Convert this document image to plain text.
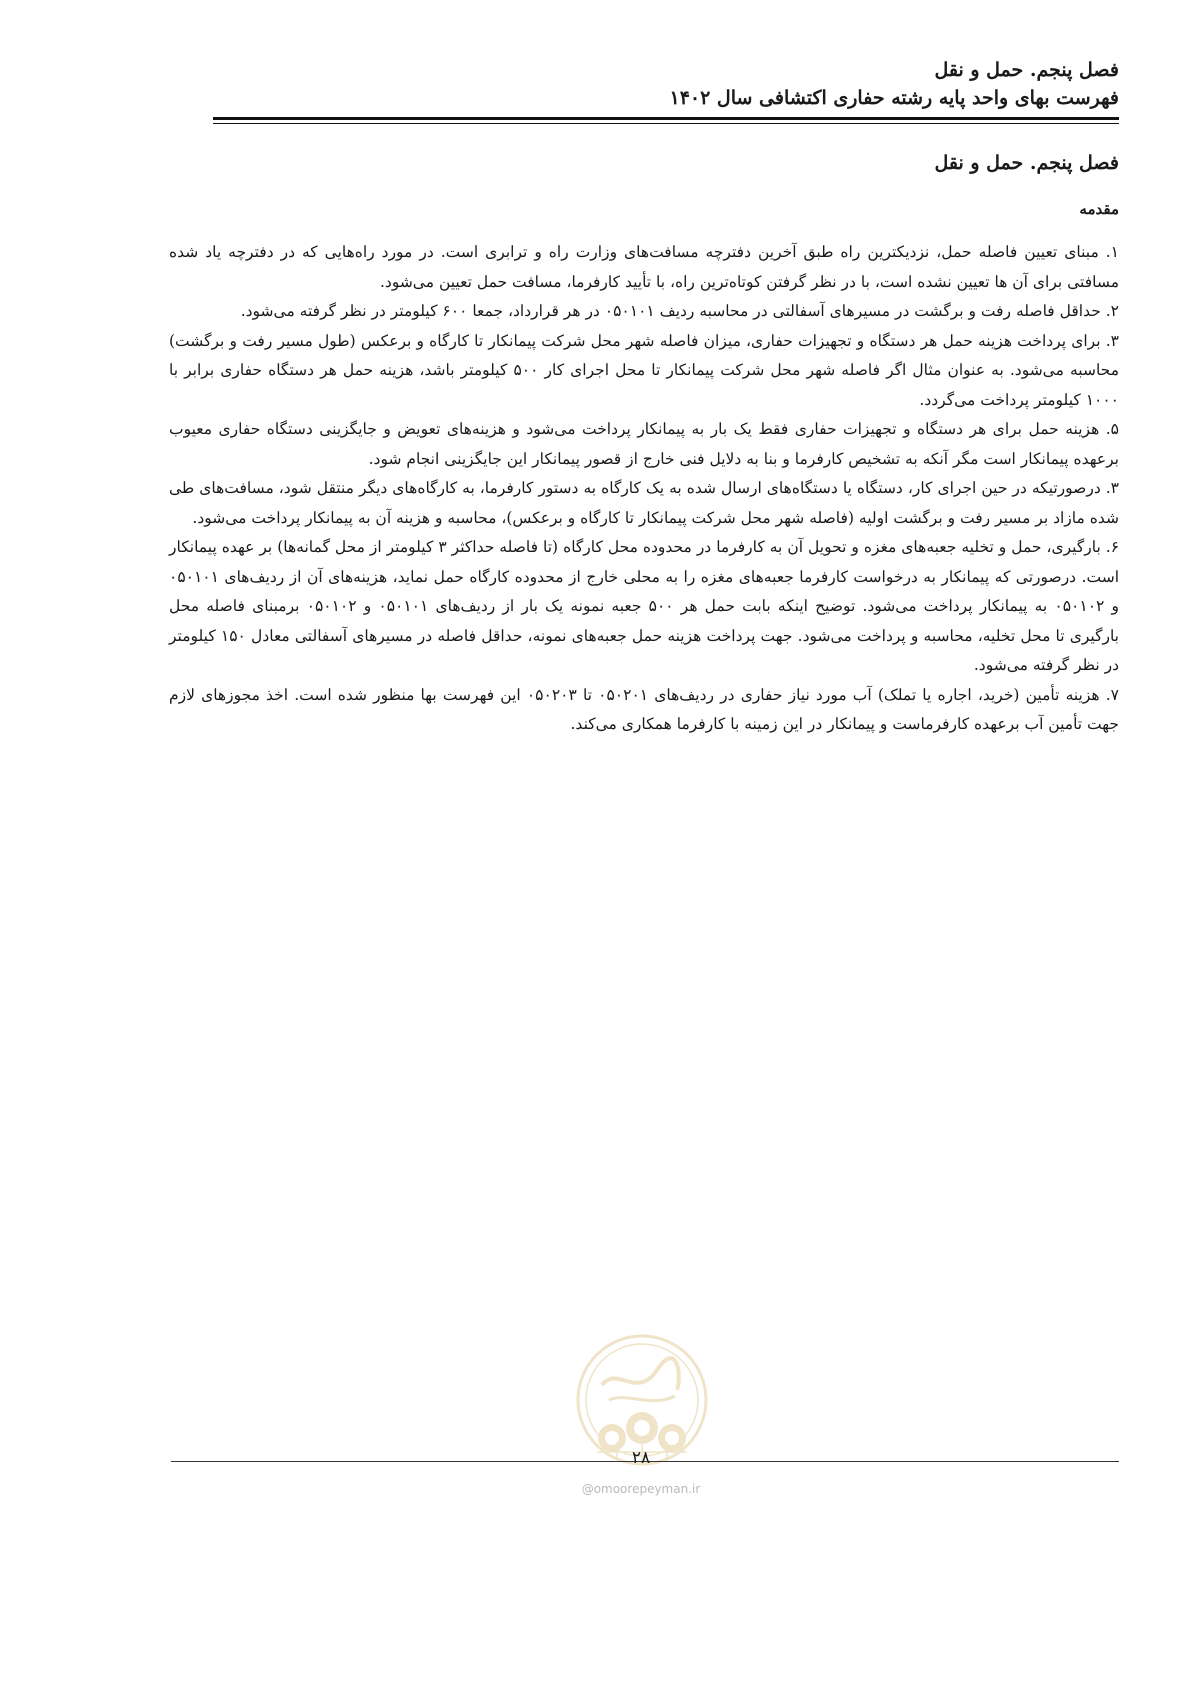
فصل پنجم. حمل و نقل
فهرست بهای واحد پایه رشته حفاری اکتشافی سال ۱۴۰۲
فصل پنجم. حمل و نقل
مقدمه

۱. مبنای تعیین فاصله حمل، نزدیکترین راه طبق آخرین دفترچه مسافت‌های وزارت راه و ترابری است. در مورد راه‌هایی که در دفترچه یاد شده مسافتی برای آن ها تعیین نشده است، با در نظر گرفتن کوتاه‌ترین راه، با تأیید کارفرما، مسافت حمل تعیین می‌شود.

۲. حداقل فاصله رفت و برگشت در مسیرهای آسفالتی در محاسبه ردیف ۰۵۰۱۰۱ در هر قرارداد، جمعا ۶۰۰ کیلومتر در نظر گرفته می‌شود.

۳. برای پرداخت هزینه حمل هر دستگاه و تجهیزات حفاری، میزان فاصله شهر محل شرکت پیمانکار تا کارگاه و برعکس (طول مسیر رفت و برگشت) محاسبه می‌شود. به عنوان مثال اگر فاصله شهر محل شرکت پیمانکار تا محل اجرای کار ۵۰۰ کیلومتر باشد، هزینه حمل هر دستگاه حفاری برابر با ۱۰۰۰ کیلومتر پرداخت می‌گردد.

۵. هزینه حمل برای هر دستگاه و تجهیزات حفاری فقط یک بار به پیمانکار پرداخت می‌شود و هزینه‌های تعویض و جایگزینی دستگاه حفاری معیوب برعهده پیمانکار است مگر آنکه به تشخیص کارفرما و بنا به دلایل فنی خارج از قصور پیمانکار این جایگزینی انجام شود.

۳. درصورتیکه در حین اجرای کار، دستگاه یا دستگاه‌های ارسال شده به یک کارگاه به دستور کارفرما، به کارگاه‌های دیگر منتقل شود، مسافت‌های طی شده مازاد بر مسیر رفت و برگشت اولیه (فاصله شهر محل شرکت پیمانکار تا کارگاه و برعکس)، محاسبه و هزینه آن به پیمانکار پرداخت می‌شود.

۶. بارگیری، حمل و تخلیه جعبه‌های مغزه و تحویل آن به کارفرما در محدوده محل کارگاه (تا فاصله حداکثر ۳ کیلومتر از محل گمانه‌ها) بر عهده پیمانکار است. درصورتی که پیمانکار به درخواست کارفرما جعبه‌های مغزه را به محلی خارج از محدوده کارگاه حمل نماید، هزینه‌های آن از ردیف‌های ۰۵۰۱۰۱ و ۰۵۰۱۰۲ به پیمانکار پرداخت می‌شود. توضیح اینکه بابت حمل هر ۵۰۰ جعبه نمونه یک بار از ردیف‌های ۰۵۰۱۰۱ و ۰۵۰۱۰۲ برمبنای فاصله محل بارگیری تا محل تخلیه، محاسبه و پرداخت می‌شود. جهت پرداخت هزینه حمل جعبه‌های نمونه، حداقل فاصله در مسیرهای آسفالتی معادل ۱۵۰ کیلومتر در نظر گرفته می‌شود.

۷. هزینه تأمین (خرید، اجاره یا تملک) آب مورد نیاز حفاری در ردیف‌های ۰۵۰۲۰۱ تا ۰۵۰۲۰۳ این فهرست بها منظور شده است. اخذ مجوزهای لازم جهت تأمین آب برعهده کارفرماست و پیمانکار در این زمینه با کارفرما همکاری می‌کند.

۲۸
@omoorepeyman.ir
